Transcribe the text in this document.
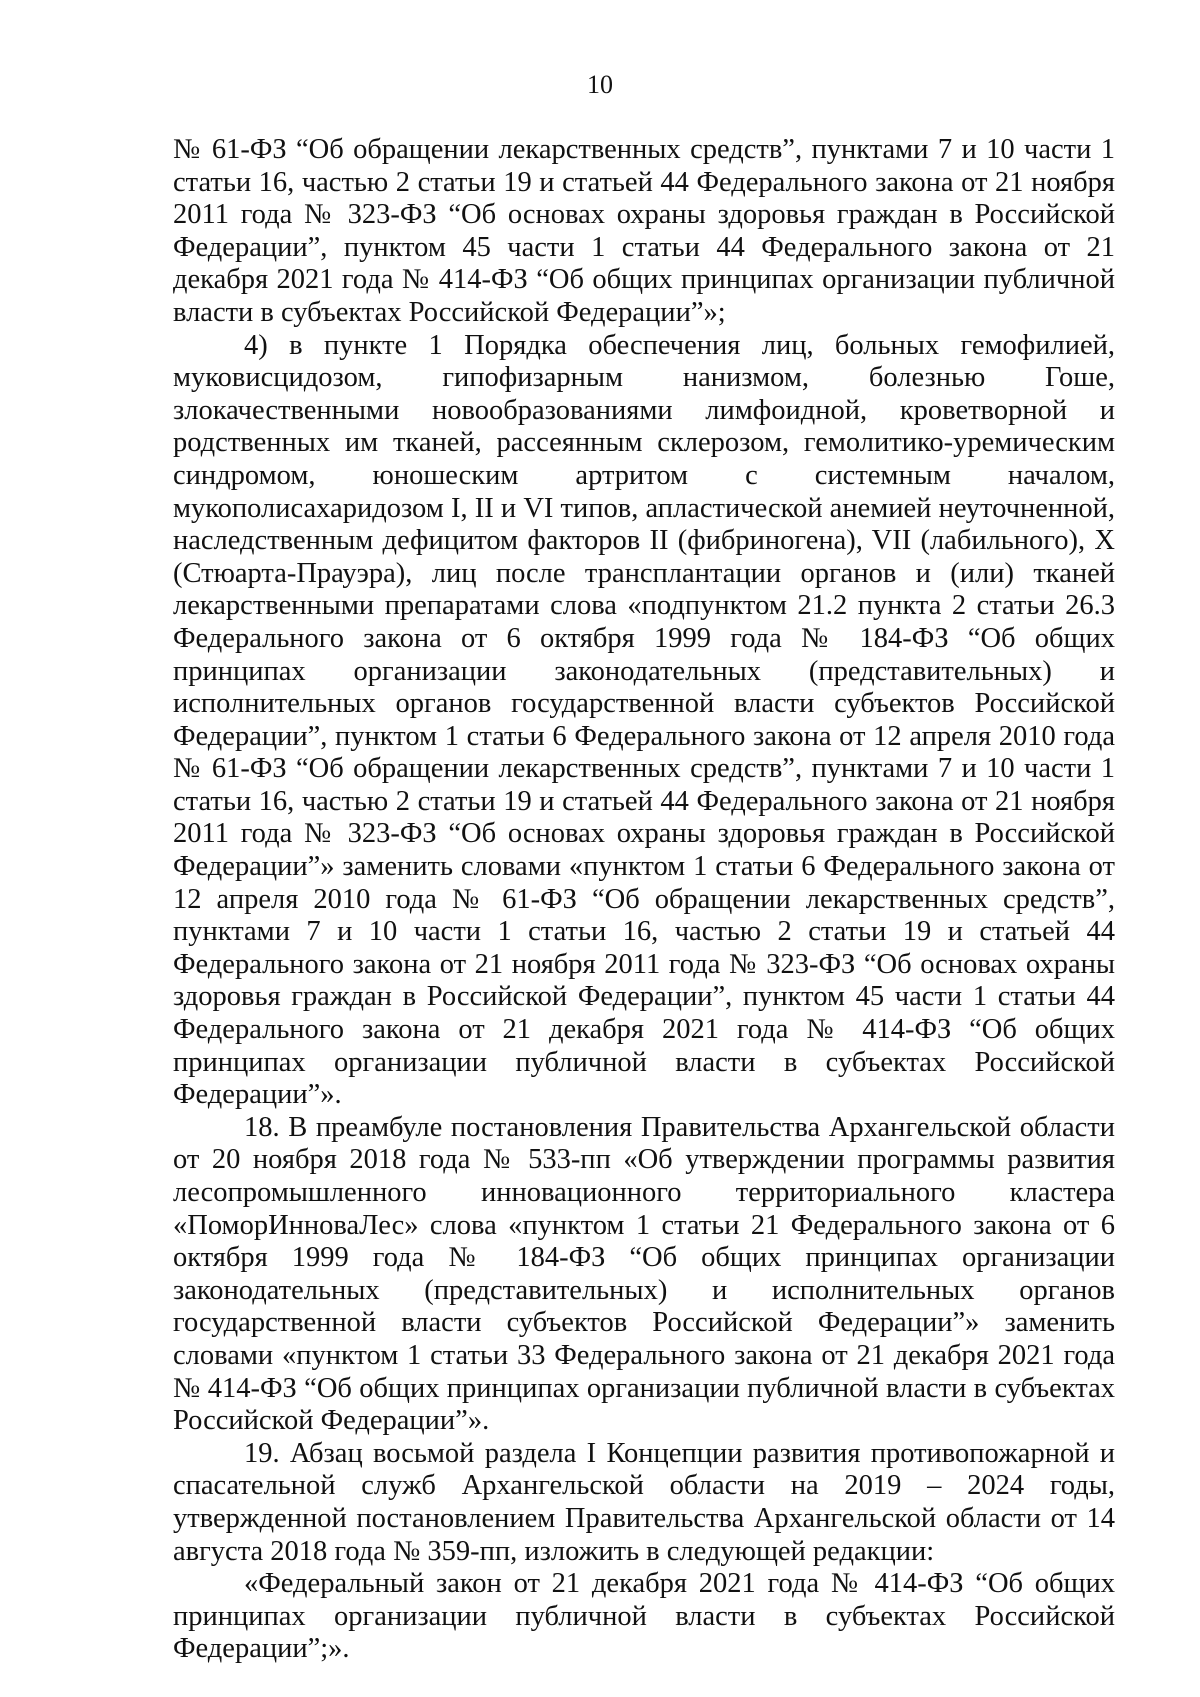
10

№ 61-ФЗ “Об обращении лекарственных средств”, пунктами 7 и 10 части 1 статьи 16, частью 2 статьи 19 и статьей 44 Федерального закона от 21 ноября 2011 года № 323-ФЗ “Об основах охраны здоровья граждан в Российской Федерации”, пунктом 45 части 1 статьи 44 Федерального закона от 21 декабря 2021 года № 414-ФЗ “Об общих принципах организации публичной власти в субъектах Российской Федерации”»;

4) в пункте 1 Порядка обеспечения лиц, больных гемофилией, муковисцидозом, гипофизарным нанизмом, болезнью Гоше, злокачественными новообразованиями лимфоидной, кроветворной и родственных им тканей, рассеянным склерозом, гемолитико-уремическим синдромом, юношеским артритом с системным началом, мукополисахаридозом I, II и VI типов, апластической анемией неуточненной, наследственным дефицитом факторов II (фибриногена), VII (лабильного), X (Стюарта-Прауэра), лиц после трансплантации органов и (или) тканей лекарственными препаратами слова «подпунктом 21.2 пункта 2 статьи 26.3 Федерального закона от 6 октября 1999 года № 184-ФЗ “Об общих принципах организации законодательных (представительных) и исполнительных органов государственной власти субъектов Российской Федерации”, пунктом 1 статьи 6 Федерального закона от 12 апреля 2010 года № 61-ФЗ “Об обращении лекарственных средств”, пунктами 7 и 10 части 1 статьи 16, частью 2 статьи 19 и статьей 44 Федерального закона от 21 ноября 2011 года № 323-ФЗ “Об основах охраны здоровья граждан в Российской Федерации”» заменить словами «пунктом 1 статьи 6 Федерального закона от 12 апреля 2010 года № 61-ФЗ “Об обращении лекарственных средств”, пунктами 7 и 10 части 1 статьи 16, частью 2 статьи 19 и статьей 44 Федерального закона от 21 ноября 2011 года № 323-ФЗ “Об основах охраны здоровья граждан в Российской Федерации”, пунктом 45 части 1 статьи 44 Федерального закона от 21 декабря 2021 года № 414-ФЗ “Об общих принципах организации публичной власти в субъектах Российской Федерации”».

18. В преамбуле постановления Правительства Архангельской области от 20 ноября 2018 года № 533-пп «Об утверждении программы развития лесопромышленного инновационного территориального кластера «ПоморИнноваЛес» слова «пунктом 1 статьи 21 Федерального закона от 6 октября 1999 года № 184-ФЗ “Об общих принципах организации законодательных (представительных) и исполнительных органов государственной власти субъектов Российской Федерации”» заменить словами «пунктом 1 статьи 33 Федерального закона от 21 декабря 2021 года № 414-ФЗ “Об общих принципах организации публичной власти в субъектах Российской Федерации”».

19. Абзац восьмой раздела I Концепции развития противопожарной и спасательной служб Архангельской области на 2019 – 2024 годы, утвержденной постановлением Правительства Архангельской области от 14 августа 2018 года № 359-пп, изложить в следующей редакции:

«Федеральный закон от 21 декабря 2021 года № 414-ФЗ “Об общих принципах организации публичной власти в субъектах Российской Федерации”;».
